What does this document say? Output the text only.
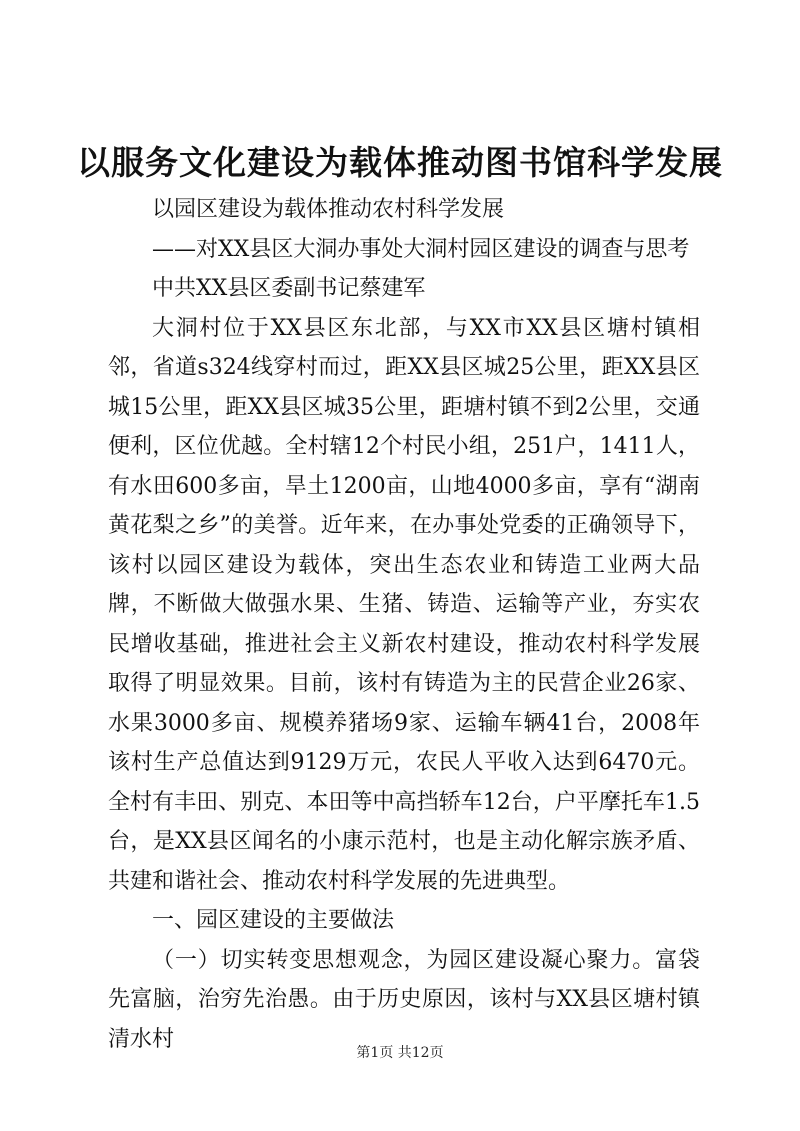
以服务文化建设为载体推动图书馆科学发展

以园区建设为载体推动农村科学发展

——对XX县区大洞办事处大洞村园区建设的调查与思考

中共XX县区委副书记蔡建军

大洞村位于XX县区东北部，与XX市XX县区塘村镇相邻，省道s324线穿村而过，距XX县区城25公里，距XX县区城15公里，距XX县区城35公里，距塘村镇不到2公里，交通便利，区位优越。全村辖12个村民小组，251户，1411人，有水田600多亩，旱土1200亩，山地4000多亩，享有“湖南黄花梨之乡”的美誉。近年来，在办事处党委的正确领导下，该村以园区建设为载体，突出生态农业和铸造工业两大品牌，不断做大做强水果、生猪、铸造、运输等产业，夯实农民增收基础，推进社会主义新农村建设，推动农村科学发展取得了明显效果。目前，该村有铸造为主的民营企业26家、水果3000多亩、规模养猪场9家、运输车辆41台，2008年该村生产总值达到9129万元，农民人平收入达到6470元。全村有丰田、别克、本田等中高挡轿车12台，户平摩托车1.5台，是XX县区闻名的小康示范村，也是主动化解宗族矛盾、共建和谐社会、推动农村科学发展的先进典型。

一、园区建设的主要做法

（一）切实转变思想观念，为园区建设凝心聚力。富袋先富脑，治穷先治愚。由于历史原因，该村与XX县区塘村镇清水村

第1页 共12页
